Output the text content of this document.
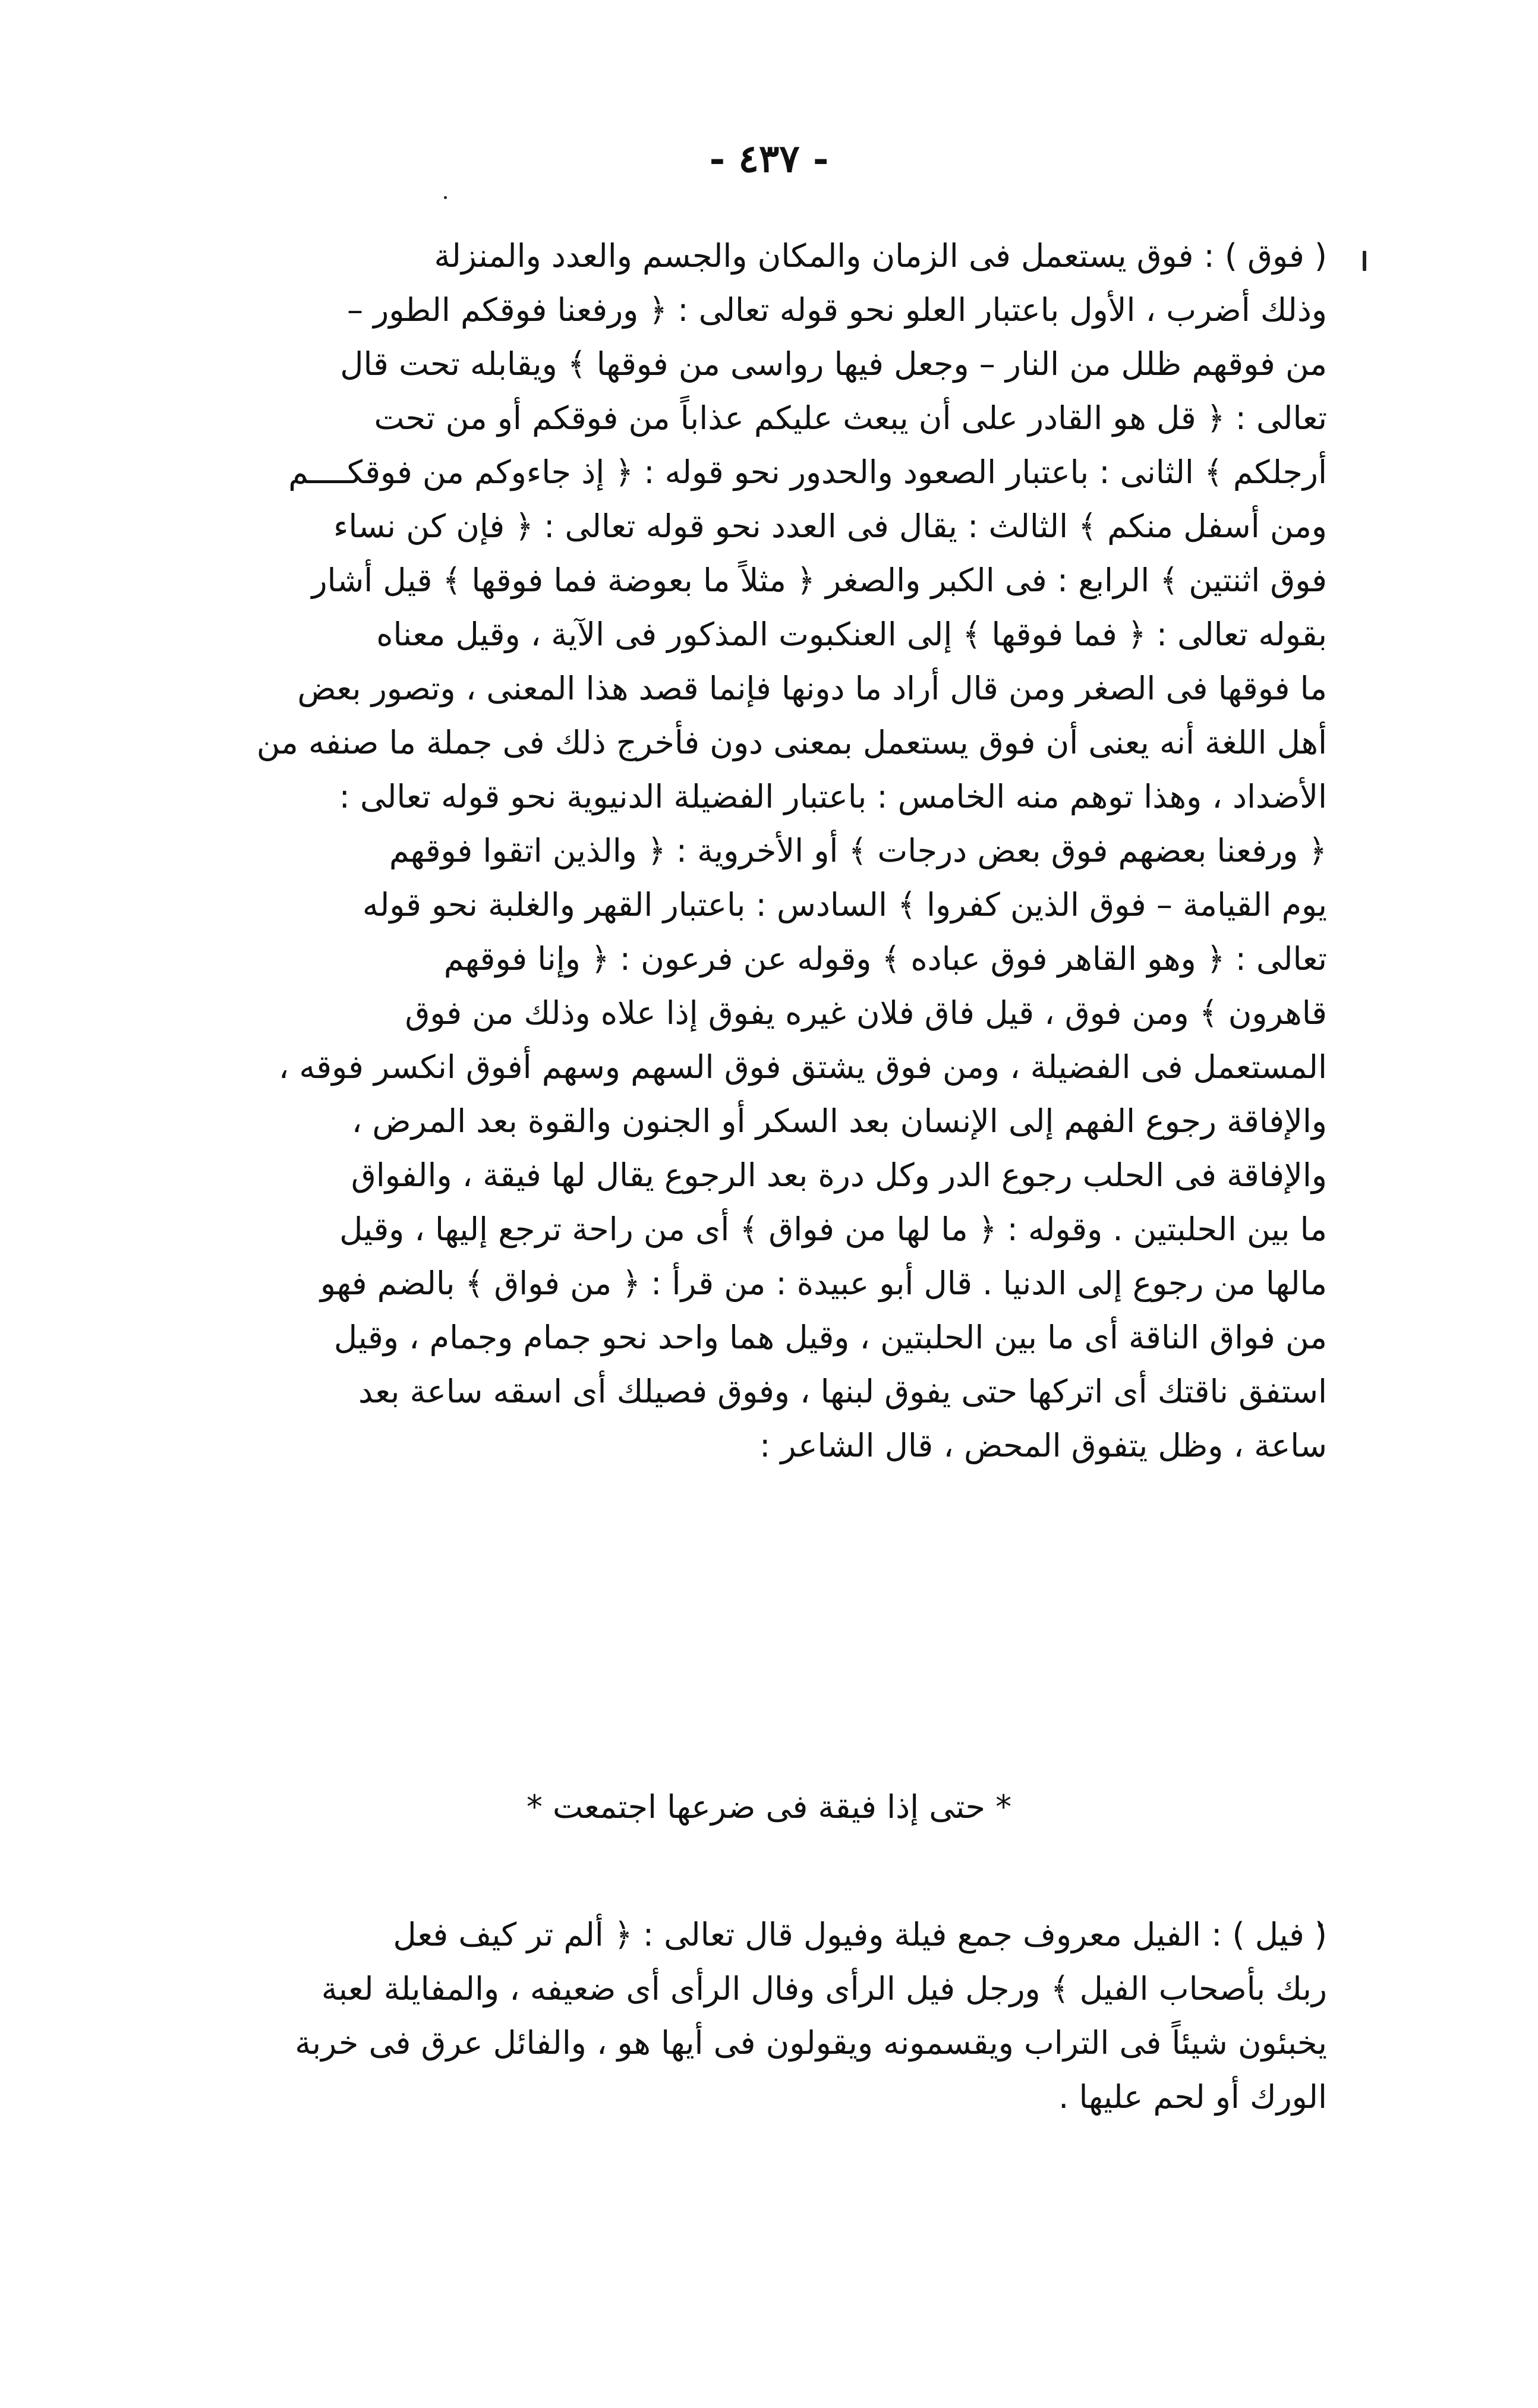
- ٤٣٧ -
( فوق ) : فوق يستعمل فى الزمان والمكان والجسم والعدد والمنزلة
وذلك أضرب ، الأول باعتبار العلو نحو قوله تعالى : ﴿ ورفعنا فوقكم الطور –
من فوقهم ظلل من النار – وجعل فيها رواسى من فوقها ﴾ ويقابله تحت قال
تعالى : ﴿ قل هو القادر على أن يبعث عليكم عذاباً من فوقكم أو من تحت
أرجلكم ﴾ الثانى : باعتبار الصعود والحدور نحو قوله : ﴿ إذ جاءوكم من فوقكــــم
ومن أسفل منكم ﴾ الثالث : يقال فى العدد نحو قوله تعالى : ﴿ فإن كن نساء
فوق اثنتين ﴾ الرابع : فى الكبر والصغر ﴿ مثلاً ما بعوضة فما فوقها ﴾ قيل أشار
بقوله تعالى : ﴿ فما فوقها ﴾ إلى العنكبوت المذكور فى الآية ، وقيل معناه
ما فوقها فى الصغر ومن قال أراد ما دونها فإنما قصد هذا المعنى ، وتصور بعض
أهل اللغة أنه يعنى أن فوق يستعمل بمعنى دون فأخرج ذلك فى جملة ما صنفه من
الأضداد ، وهذا توهم منه الخامس : باعتبار الفضيلة الدنيوية نحو قوله تعالى :
﴿ ورفعنا بعضهم فوق بعض درجات ﴾ أو الأخروية : ﴿ والذين اتقوا فوقهم
يوم القيامة – فوق الذين كفروا ﴾ السادس : باعتبار القهر والغلبة نحو قوله
تعالى : ﴿ وهو القاهر فوق عباده ﴾ وقوله عن فرعون : ﴿ وإنا فوقهم
قاهرون ﴾ ومن فوق ، قيل فاق فلان غيره يفوق إذا علاه وذلك من فوق
المستعمل فى الفضيلة ، ومن فوق يشتق فوق السهم وسهم أفوق انكسر فوقه ،
والإفاقة رجوع الفهم إلى الإنسان بعد السكر أو الجنون والقوة بعد المرض ،
والإفاقة فى الحلب رجوع الدر وكل درة بعد الرجوع يقال لها فيقة ، والفواق
ما بين الحلبتين . وقوله : ﴿ ما لها من فواق ﴾ أى من راحة ترجع إليها ، وقيل
مالها من رجوع إلى الدنيا . قال أبو عبيدة : من قرأ : ﴿ من فواق ﴾ بالضم فهو
من فواق الناقة أى ما بين الحلبتين ، وقيل هما واحد نحو جمام وجمام ، وقيل
استفق ناقتك أى اتركها حتى يفوق لبنها ، وفوق فصيلك أى اسقه ساعة بعد
ساعة ، وظل يتفوق المحض ، قال الشاعر :
* حتى إذا فيقة فى ضرعها اجتمعت *
( فيل ) : الفيل معروف جمع فيلة وفيول قال تعالى : ﴿ ألم تر كيف فعل
ربك بأصحاب الفيل ﴾ ورجل فيل الرأى وفال الرأى أى ضعيفه ، والمفايلة لعبة
يخبئون شيئاً فى التراب ويقسمونه ويقولون فى أيها هو ، والفائل عرق فى خربة
الورك أو لحم عليها .
